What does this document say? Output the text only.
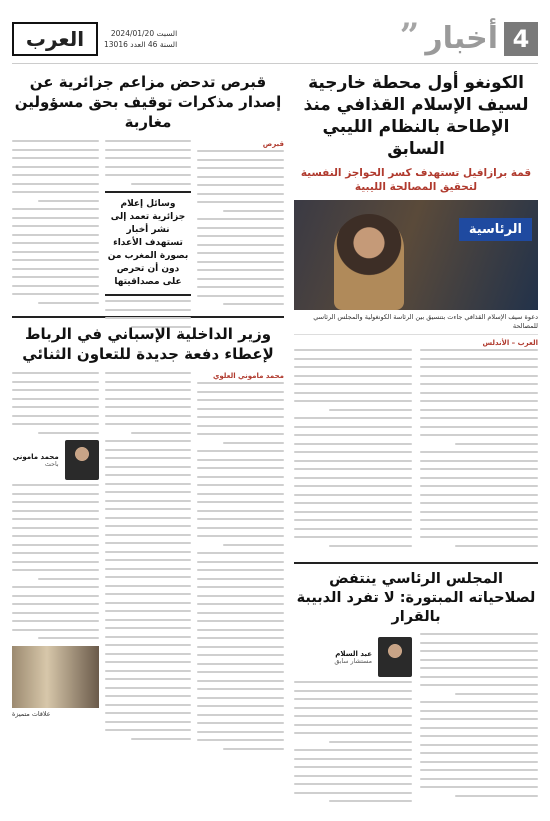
العرب	السبت 2024/01/20
السنة 46 العدد 13016	” أخبار 4
الكونغو أول محطة خارجية لسيف الإسلام القذافي منذ الإطاحة بالنظام الليبي السابق
قمة برازافيل تستهدف كسر الحواجز النفسية لتحقيق المصالحة الليبية
الرئاسية
دعوة سيف الإسلام القذافي جاءت بتنسيق بين الرئاسة الكونغولية والمجلس الرئاسي للمصالحة
العرب – الأندلس
المجلس الرئاسي ينتفض لصلاحياته المبتورة: لا تفرد الدبيبة بالقرار
عبد السلام
مستشار سابق
قبرص تدحض مزاعم جزائرية عن إصدار مذكرات توقيف بحق مسؤولين مغاربة
قبرص
وسائل إعلام جزائرية تعمد إلى نشر أخبار تستهدف الأعداء بصورة المغرب من دون أن تحرص على مصداقيتها
وزير الداخلية الإسباني في الرباط لإعطاء دفعة جديدة للتعاون الثنائي
محمد ماموني العلوي
محمد ماموني
باحث
علاقات متميزة
